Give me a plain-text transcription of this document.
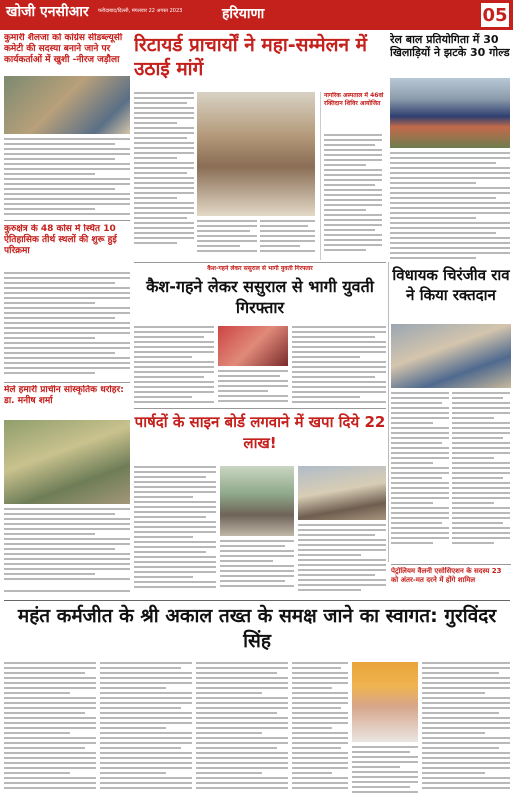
खोजी एनसीआर फरीदाबाद/दिल्ली, मंगलवार 22 अगस्त 2023	हरियाणा	05
कुमारी शैलजा को कांग्रेस सीडब्ल्यूसी कमेटी की सदस्या बनाने जाने पर कार्यकर्ताओं में खुशी -नीरज जड़ौला
कुरुक्षेत्र के 48 कोस में स्थित 10 ऐतिहासिक तीर्थ स्थलों की शुरू हुई परिक्रमा
मेले हमारी प्राचीन सांस्कृतिक धरोहर: डा. मनीष शर्मा
रिटायर्ड प्राचार्यों ने महा-सम्मेलन में उठाई मांगें
नागरिक अस्पताल में 46वां रक्तिदान शिविर आयोजित
रेल बाल प्रतियोगिता में 30 खिलाड़ियों ने झटके 30 गोल्ड
कैश-गहने लेकर ससुराल से भागी युवती गिरफ्तार
कैश-गहने लेकर ससुराल से भागी युवती गिरफ्तार
विधायक चिरंजीव राव ने किया रक्तदान
पार्षदों के साइन बोर्ड लगवाने में खपा दिये 22 लाख!
पेट्रोलियम वैलनी एसोसिएशन के सदस्य 23 को अंतर-मत दरने में होंगे शामिल
महंत कर्मजीत के श्री अकाल तख्त के समक्ष जाने का स्वागत: गुरविंदर सिंह
